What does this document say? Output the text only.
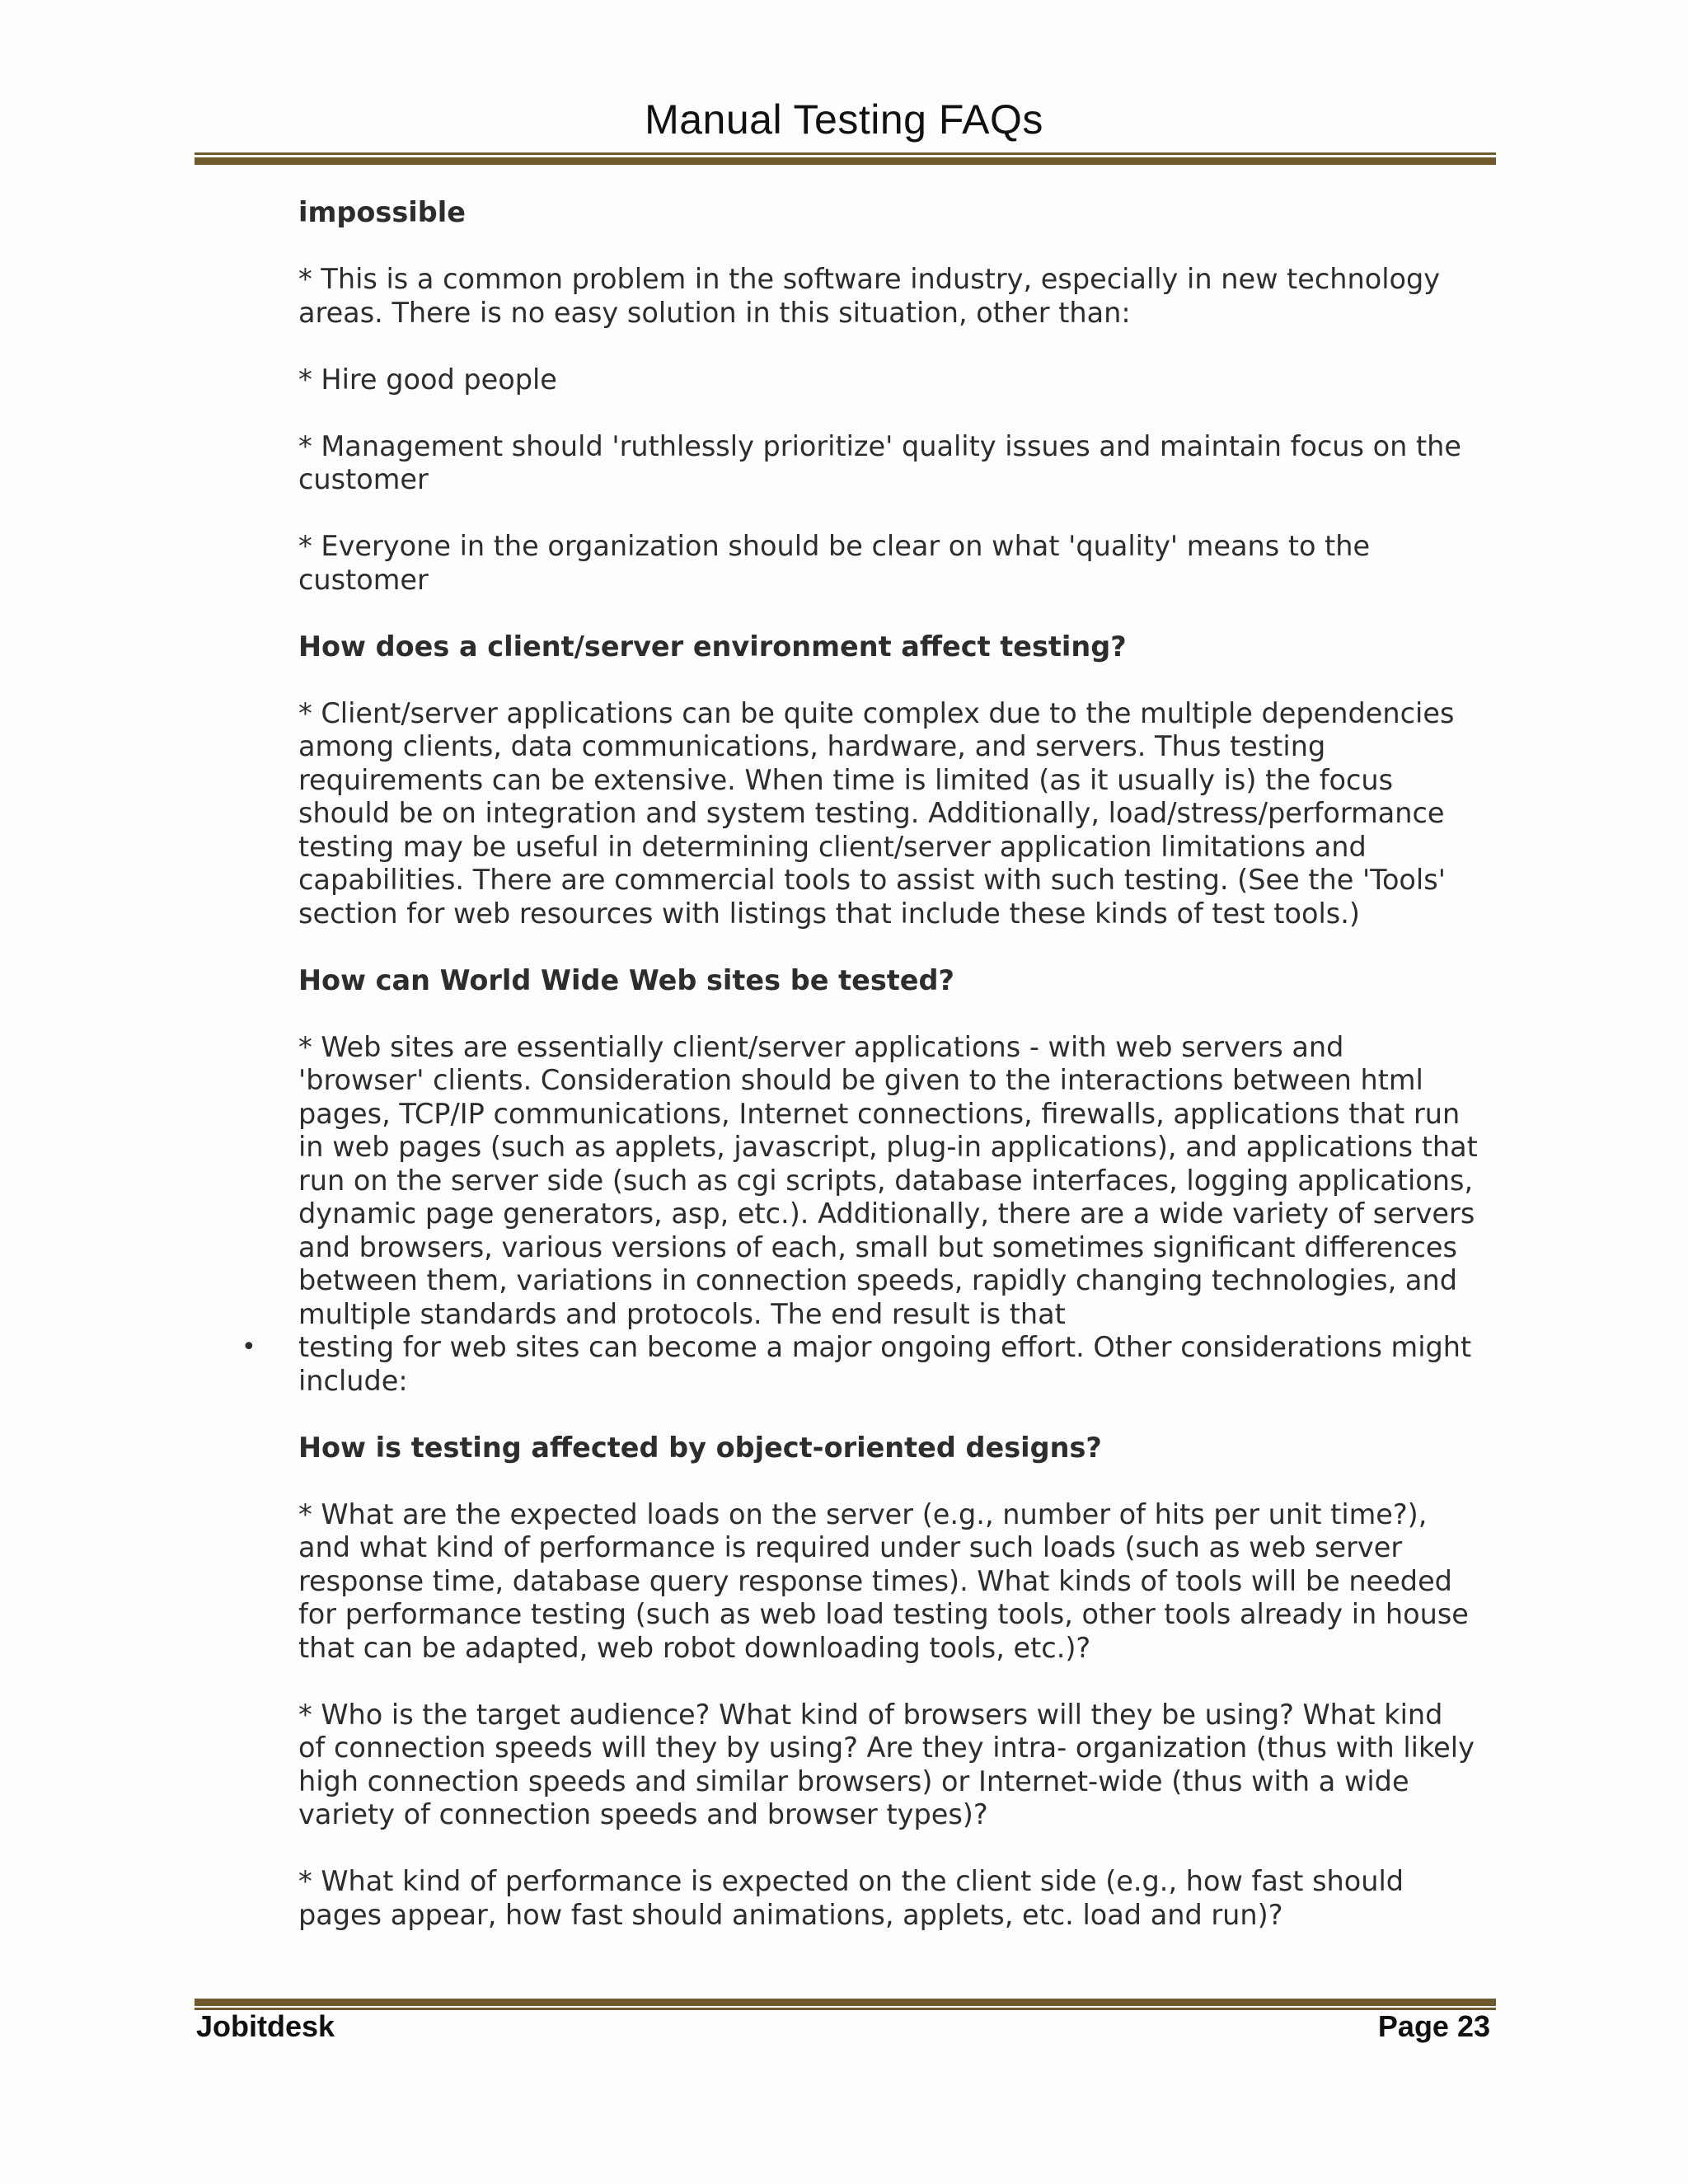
Manual Testing FAQs

impossible

* This is a common problem in the software industry, especially in new technology
areas. There is no easy solution in this situation, other than:

* Hire good people

* Management should 'ruthlessly prioritize' quality issues and maintain focus on the
customer

* Everyone in the organization should be clear on what 'quality' means to the
customer

How does a client/server environment affect testing?

* Client/server applications can be quite complex due to the multiple dependencies
among clients, data communications, hardware, and servers. Thus testing
requirements can be extensive. When time is limited (as it usually is) the focus
should be on integration and system testing. Additionally, load/stress/performance
testing may be useful in determining client/server application limitations and
capabilities. There are commercial tools to assist with such testing. (See the 'Tools'
section for web resources with listings that include these kinds of test tools.)

How can World Wide Web sites be tested?

* Web sites are essentially client/server applications - with web servers and
'browser' clients. Consideration should be given to the interactions between html
pages, TCP/IP communications, Internet connections, firewalls, applications that run
in web pages (such as applets, javascript, plug-in applications), and applications that
run on the server side (such as cgi scripts, database interfaces, logging applications,
dynamic page generators, asp, etc.). Additionally, there are a wide variety of servers
and browsers, various versions of each, small but sometimes significant differences
between them, variations in connection speeds, rapidly changing technologies, and
multiple standards and protocols. The end result is that
• testing for web sites can become a major ongoing effort. Other considerations might
include:

How is testing affected by object-oriented designs?

* What are the expected loads on the server (e.g., number of hits per unit time?),
and what kind of performance is required under such loads (such as web server
response time, database query response times). What kinds of tools will be needed
for performance testing (such as web load testing tools, other tools already in house
that can be adapted, web robot downloading tools, etc.)?

* Who is the target audience? What kind of browsers will they be using? What kind
of connection speeds will they by using? Are they intra- organization (thus with likely
high connection speeds and similar browsers) or Internet-wide (thus with a wide
variety of connection speeds and browser types)?

* What kind of performance is expected on the client side (e.g., how fast should
pages appear, how fast should animations, applets, etc. load and run)?

Jobitdesk	Page 23
